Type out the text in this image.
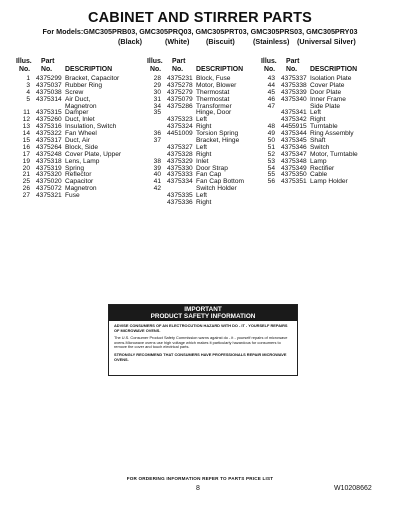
CABINET AND STIRRER PARTS
For Models:GMC305PRB03, GMC305PRQ03, GMC305PRT03, GMC305PRS03, GMC305PRY03
(Black)	(White) (Biscuit)	(Stainless) (Universal Silver)
Illus.
No.
Part
No. DESCRIPTION
1 4375299 Bracket, Capacitor
3 4375037 Rubber Ring
4 4375038 Screw
5 4375314 Air Duct,
Magnetron
11 4375315 Damper
12 4375260 Duct, Inlet
13 4375316 Insulation, Switch
14 4375322 Fan Wheel
15 4375317 Duct, Air
16 4375264 Block, Side
17 4375248 Cover Plate, Upper
19 4375318 Lens, Lamp
20 4375319 Spring
21 4375320 Reflector
25 4375020 Capacitor
26 4375072 Magnetron
27 4375321 Fuse
Illus.
No.
Part
No. DESCRIPTION
28 4375231 Block, Fuse
29 4375278 Motor, Blower
30 4375279 Thermostat
31 4375079 Thermostat
34 4375286 Transformer
35	Hinge, Door
4375323 Left
4375324 Right
36 4451009 Torsion Spring
37	Bracket, Hinge
4375327 Left
4375328 Right
38 4375329 Inlet
39 4375330 Door Strap
40 4375333 Fan Cap
41 4375334 Fan Cap Bottom
42	Switch Holder
4375335 Left
4375336 Right
Illus.
No.
Part
No. DESCRIPTION
43 4375337 Isolation Plate
44 4375338 Cover Plate
45 4375339 Door Plate
46 4375340 Inner Frame
47	Side Plate
4375341 Left
4375342 Right
48 4455915 Turntable
49 4375344 Ring Assembly
50 4375345 Shaft
51 4375346 Switch
52 4375347 Motor, Turntable
53 4375348 Lamp
54 4375349 Rectifier
55 4375350 Cable
56 4375351 Lamp Holder
IMPORTANT
PRODUCT SAFETY INFORMATION

ADVISE CONSUMERS OF AN ELECTROCUTION HAZARD WITH DO - IT - YOURSELF REPAIRS OF MICROWAVE OVENS.

The U.S. Consumer Product Safety Commission warns against do - it - yourself repairs of microwave ovens.Microwave ovens use high voltage which makes it particularly hazardous for consumers to remove the cover and touch electrical parts.

STRONGLY RECOMMEND THAT CONSUMERS HAVE PROFESSIONALS REPAIR MICROWAVE OVENS.

FOR ORDERING INFORMATION REFER TO PARTS PRICE LIST
8	W10208662
